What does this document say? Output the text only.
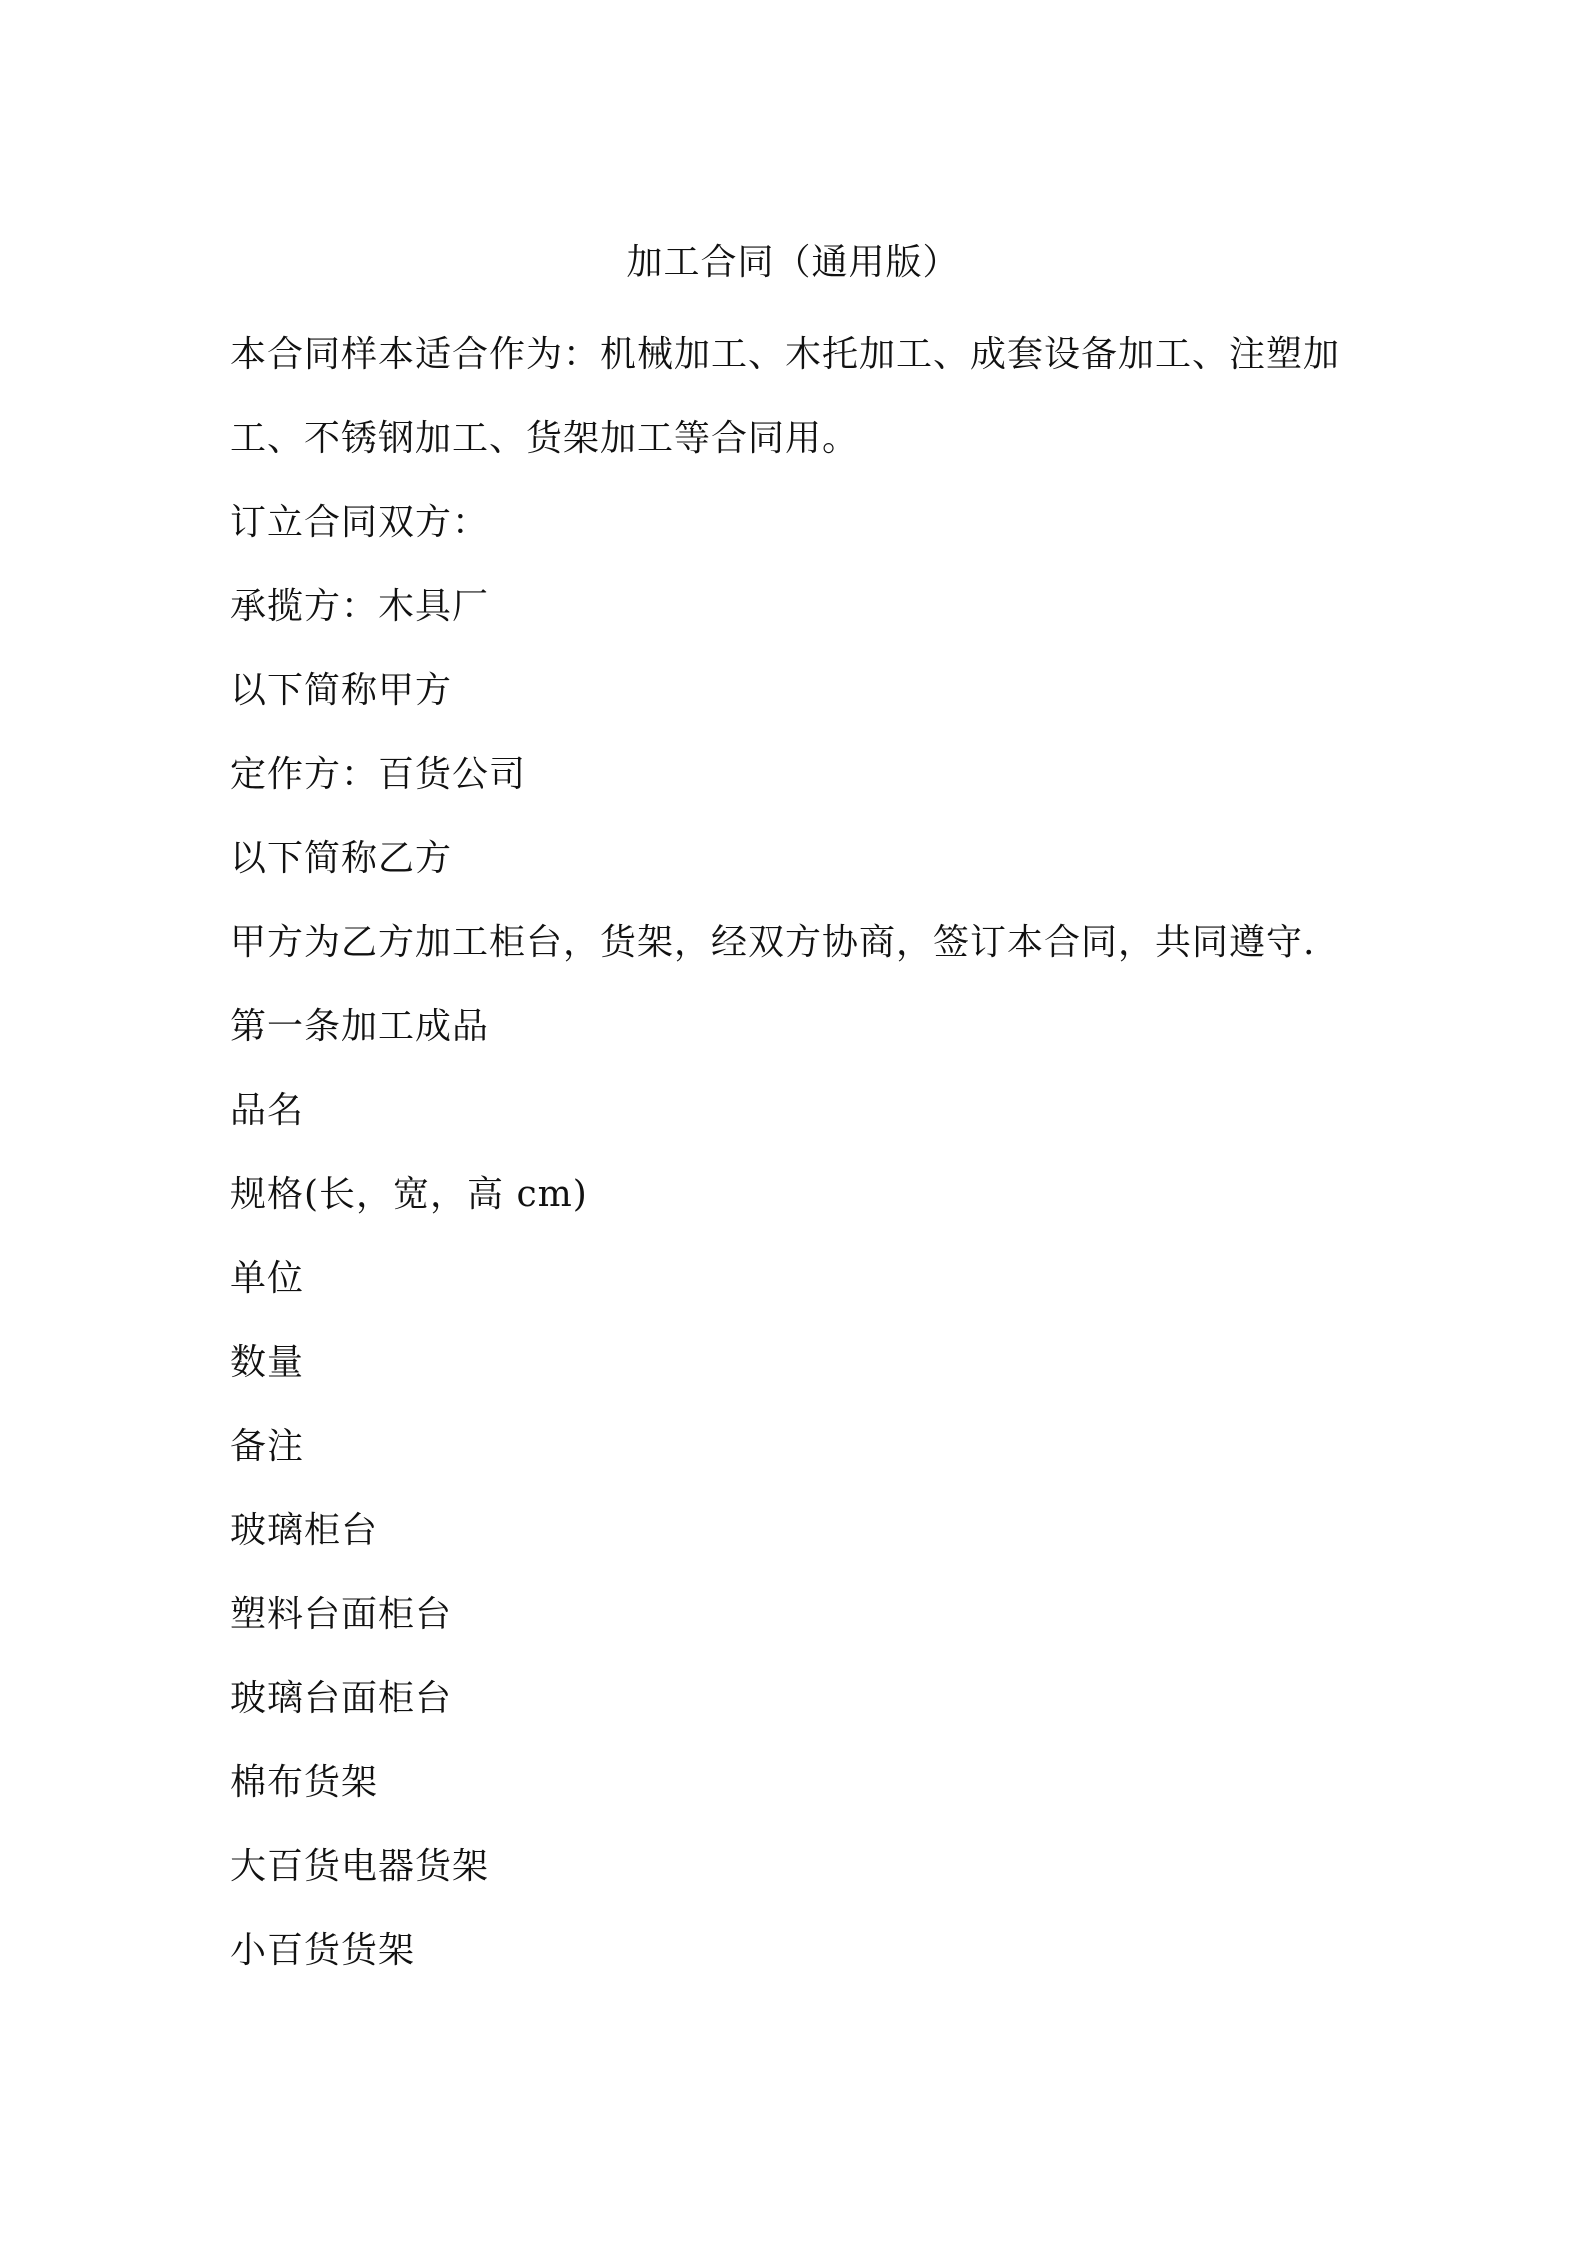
加工合同（通用版）
本合同样本适合作为：机械加工、木托加工、成套设备加工、注塑加
工、不锈钢加工、货架加工等合同用。
订立合同双方：
承揽方：木具厂
以下简称甲方
定作方：百货公司
以下简称乙方
甲方为乙方加工柜台，货架，经双方协商，签订本合同，共同遵守.
第一条加工成品
品名
规格(长，宽，高 cm)
单位
数量
备注
玻璃柜台
塑料台面柜台
玻璃台面柜台
棉布货架
大百货电器货架
小百货货架
